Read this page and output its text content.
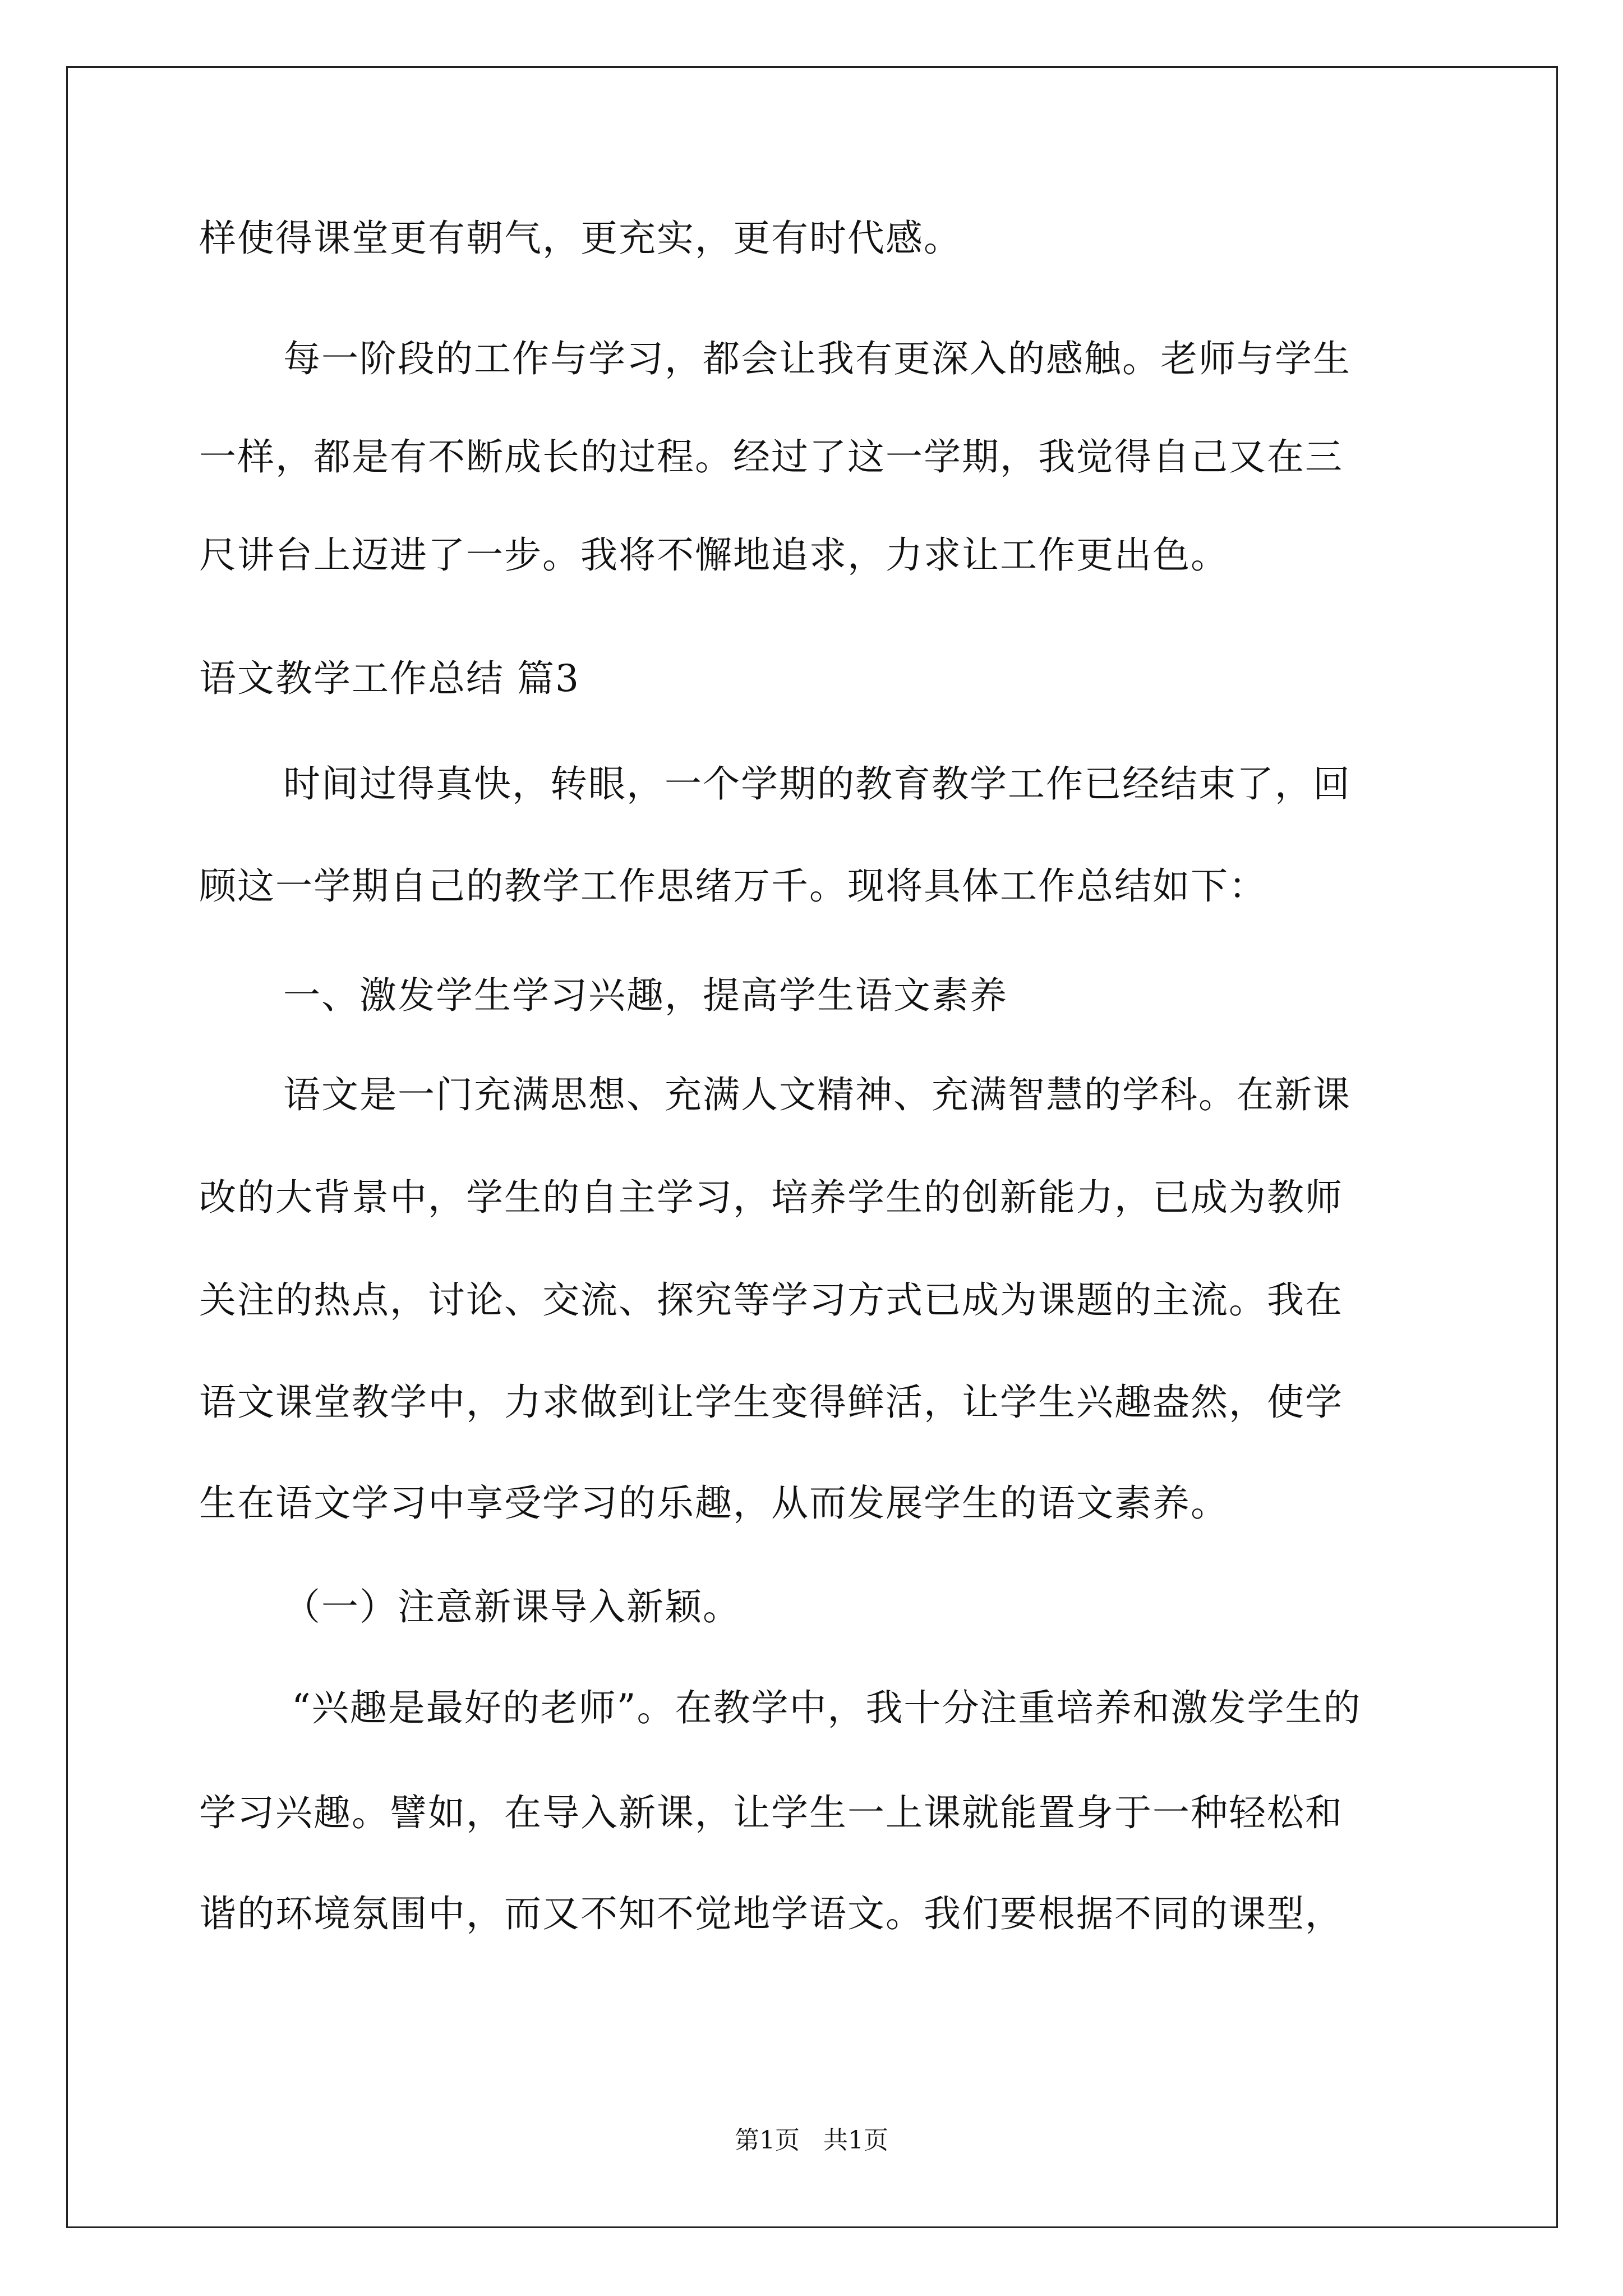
样使得课堂更有朝气，更充实，更有时代感。
每一阶段的工作与学习，都会让我有更深入的感触。老师与学生
一样，都是有不断成长的过程。经过了这一学期，我觉得自己又在三
尺讲台上迈进了一步。我将不懈地追求，力求让工作更出色。
语文教学工作总结 篇3
时间过得真快，转眼，一个学期的教育教学工作已经结束了，回
顾这一学期自己的教学工作思绪万千。现将具体工作总结如下：
一、激发学生学习兴趣，提高学生语文素养
语文是一门充满思想、充满人文精神、充满智慧的学科。在新课
改的大背景中，学生的自主学习，培养学生的创新能力，已成为教师
关注的热点，讨论、交流、探究等学习方式已成为课题的主流。我在
语文课堂教学中，力求做到让学生变得鲜活，让学生兴趣盎然，使学
生在语文学习中享受学习的乐趣，从而发展学生的语文素养。
（一）注意新课导入新颖。
“兴趣是最好的老师”。在教学中，我十分注重培养和激发学生的
学习兴趣。譬如，在导入新课，让学生一上课就能置身于一种轻松和
谐的环境氛围中，而又不知不觉地学语文。我们要根据不同的课型，
第1页   共1页
